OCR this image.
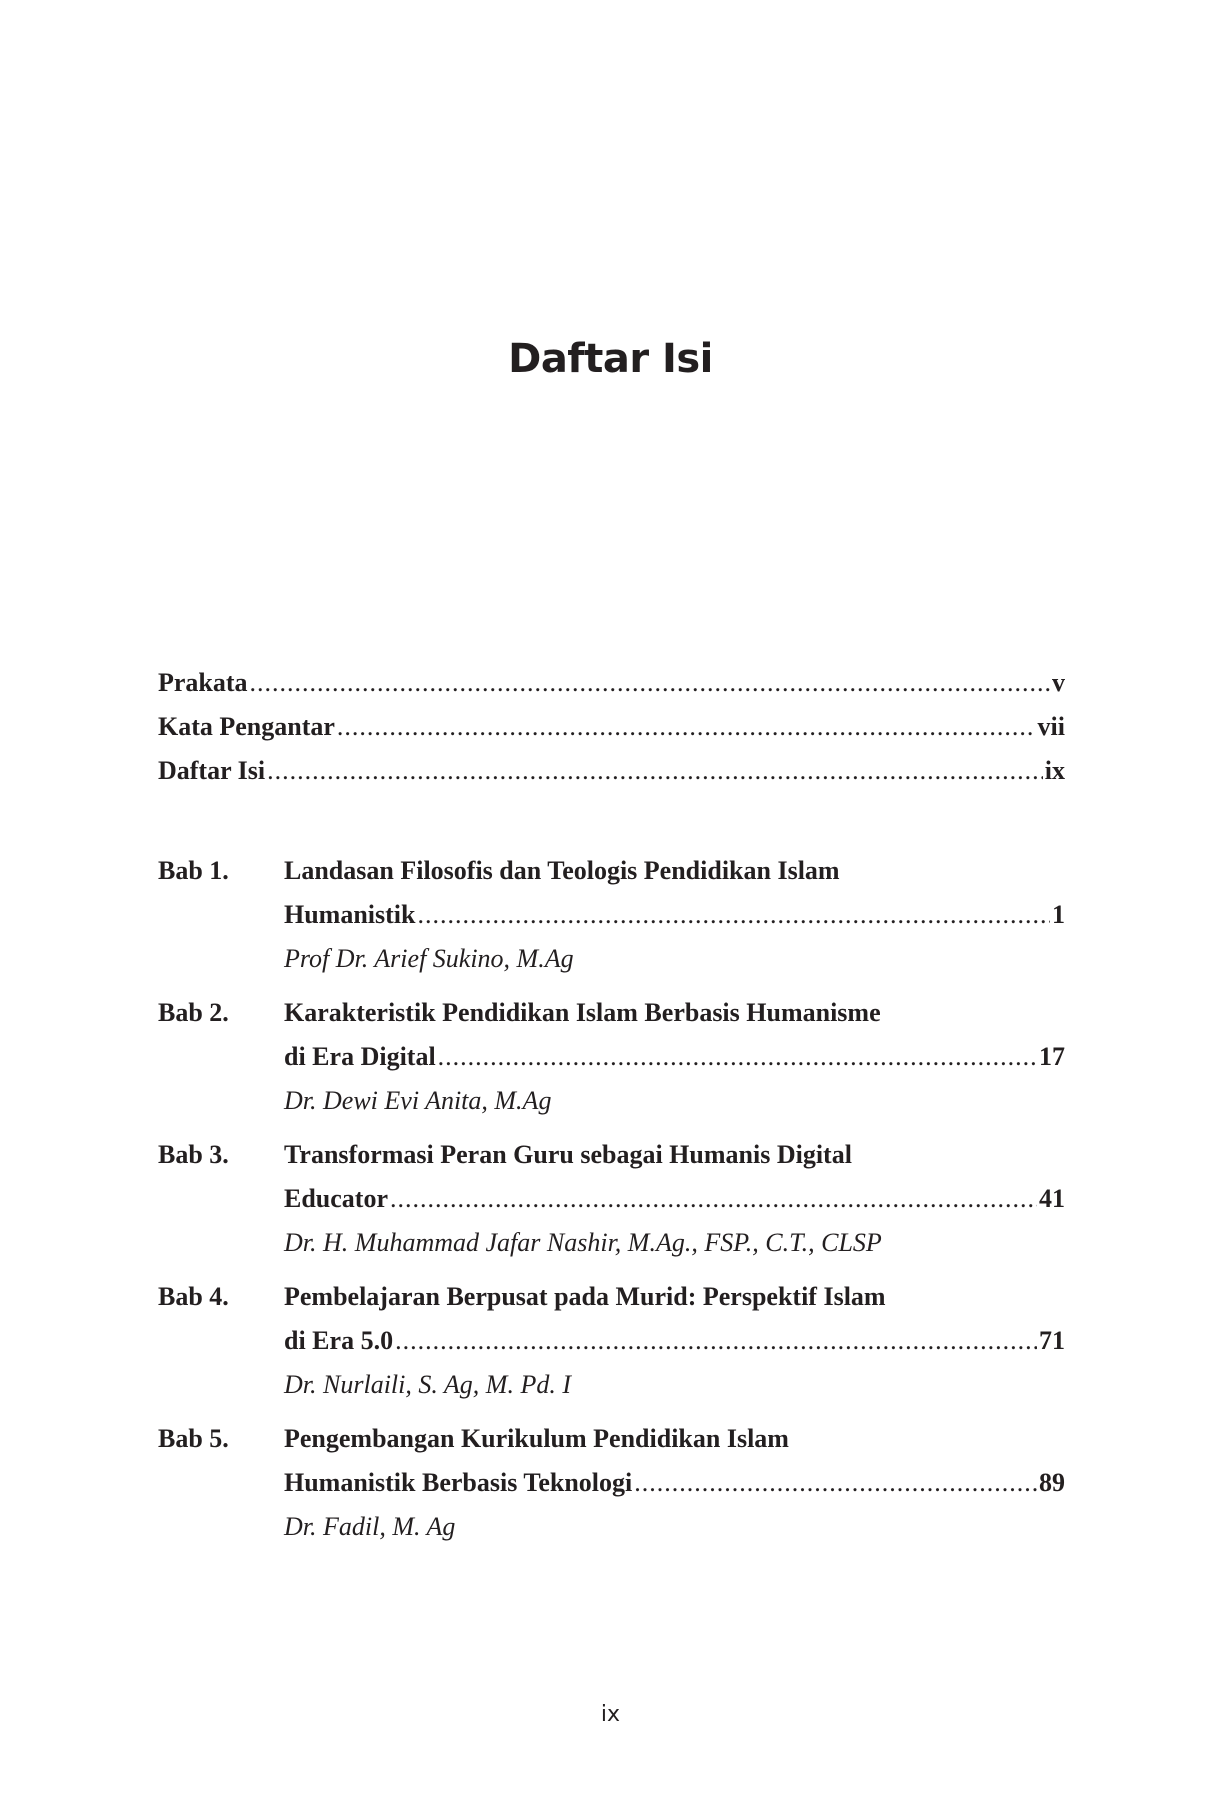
Daftar Isi
Prakata .....	v
Kata Pengantar .....	vii
Daftar Isi .....	ix
Bab 1.	Landasan Filosofis dan Teologis Pendidikan Islam
Humanistik .....	1
Prof Dr. Arief Sukino, M.Ag
Bab 2.	Karakteristik Pendidikan Islam Berbasis Humanisme
di Era Digital .....	17
Dr. Dewi Evi Anita, M.Ag
Bab 3.	Transformasi Peran Guru sebagai Humanis Digital
Educator .....	41
Dr. H. Muhammad Jafar Nashir, M.Ag., FSP., C.T., CLSP
Bab 4.	Pembelajaran Berpusat pada Murid: Perspektif Islam
di Era 5.0 .....	71
Dr. Nurlaili, S. Ag, M. Pd. I
Bab 5.	Pengembangan Kurikulum Pendidikan Islam
Humanistik Berbasis Teknologi .....	89
Dr. Fadil, M. Ag
ix
